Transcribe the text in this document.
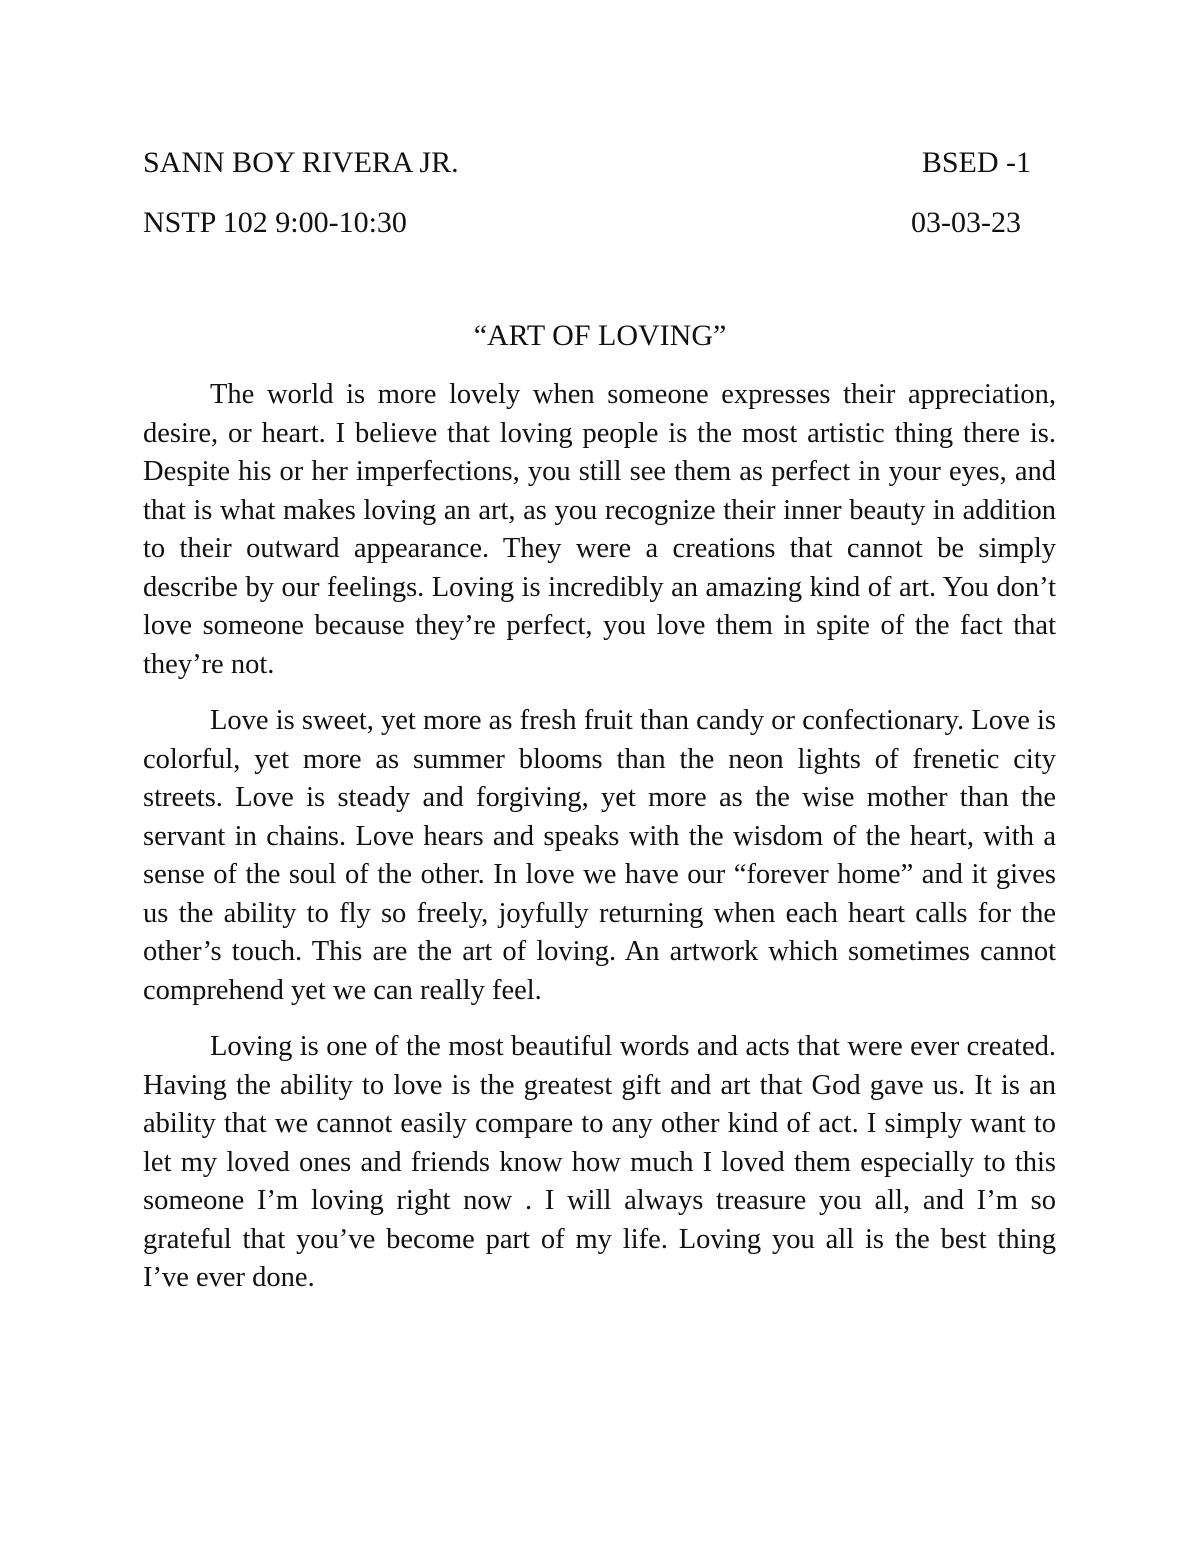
SANN BOY RIVERA JR.	BSED -1
NSTP 102 9:00-10:30	03-03-23
“ART OF LOVING”

The world is more lovely when someone expresses their appreciation, desire, or heart. I believe that loving people is the most artistic thing there is. Despite his or her imperfections, you still see them as perfect in your eyes, and that is what makes loving an art, as you recognize their inner beauty in addition to their outward appearance. They were a creations that cannot be simply describe by our feelings. Loving is incredibly an amazing kind of art. You don’t love someone because they’re perfect, you love them in spite of the fact that they’re not.

Love is sweet, yet more as fresh fruit than candy or confectionary. Love is colorful, yet more as summer blooms than the neon lights of frenetic city streets. Love is steady and forgiving, yet more as the wise mother than the servant in chains. Love hears and speaks with the wisdom of the heart, with a sense of the soul of the other. In love we have our “forever home” and it gives us the ability to fly so freely, joyfully returning when each heart calls for the other’s touch. This are the art of loving. An artwork which sometimes cannot comprehend yet we can really feel.

Loving is one of the most beautiful words and acts that were ever created. Having the ability to love is the greatest gift and art that God gave us. It is an ability that we cannot easily compare to any other kind of act. I simply want to let my loved ones and friends know how much I loved them especially to this someone I’m loving right now . I will always treasure you all, and I’m so grateful that you’ve become part of my life. Loving you all is the best thing I’ve ever done.
